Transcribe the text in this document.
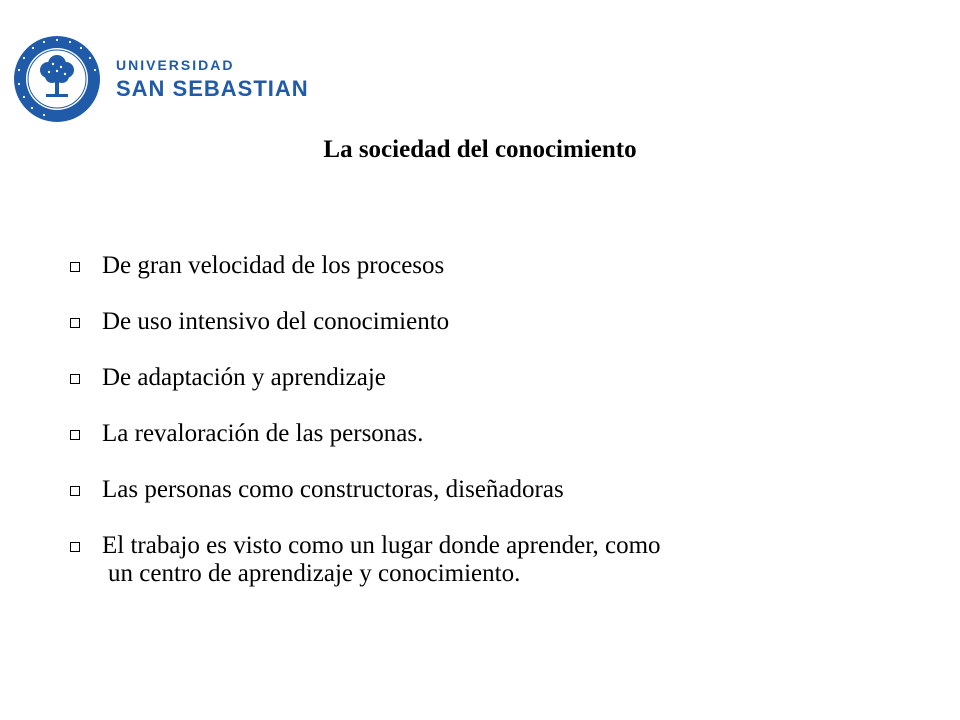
UNIVERSIDAD
SAN SEBASTIAN
La sociedad del conocimiento
De gran velocidad de los procesos
De uso intensivo del conocimiento
De adaptación y aprendizaje
La revaloración de las personas.
Las personas como constructoras, diseñadoras
El trabajo es visto como un lugar donde aprender, como
un centro de aprendizaje y conocimiento.
